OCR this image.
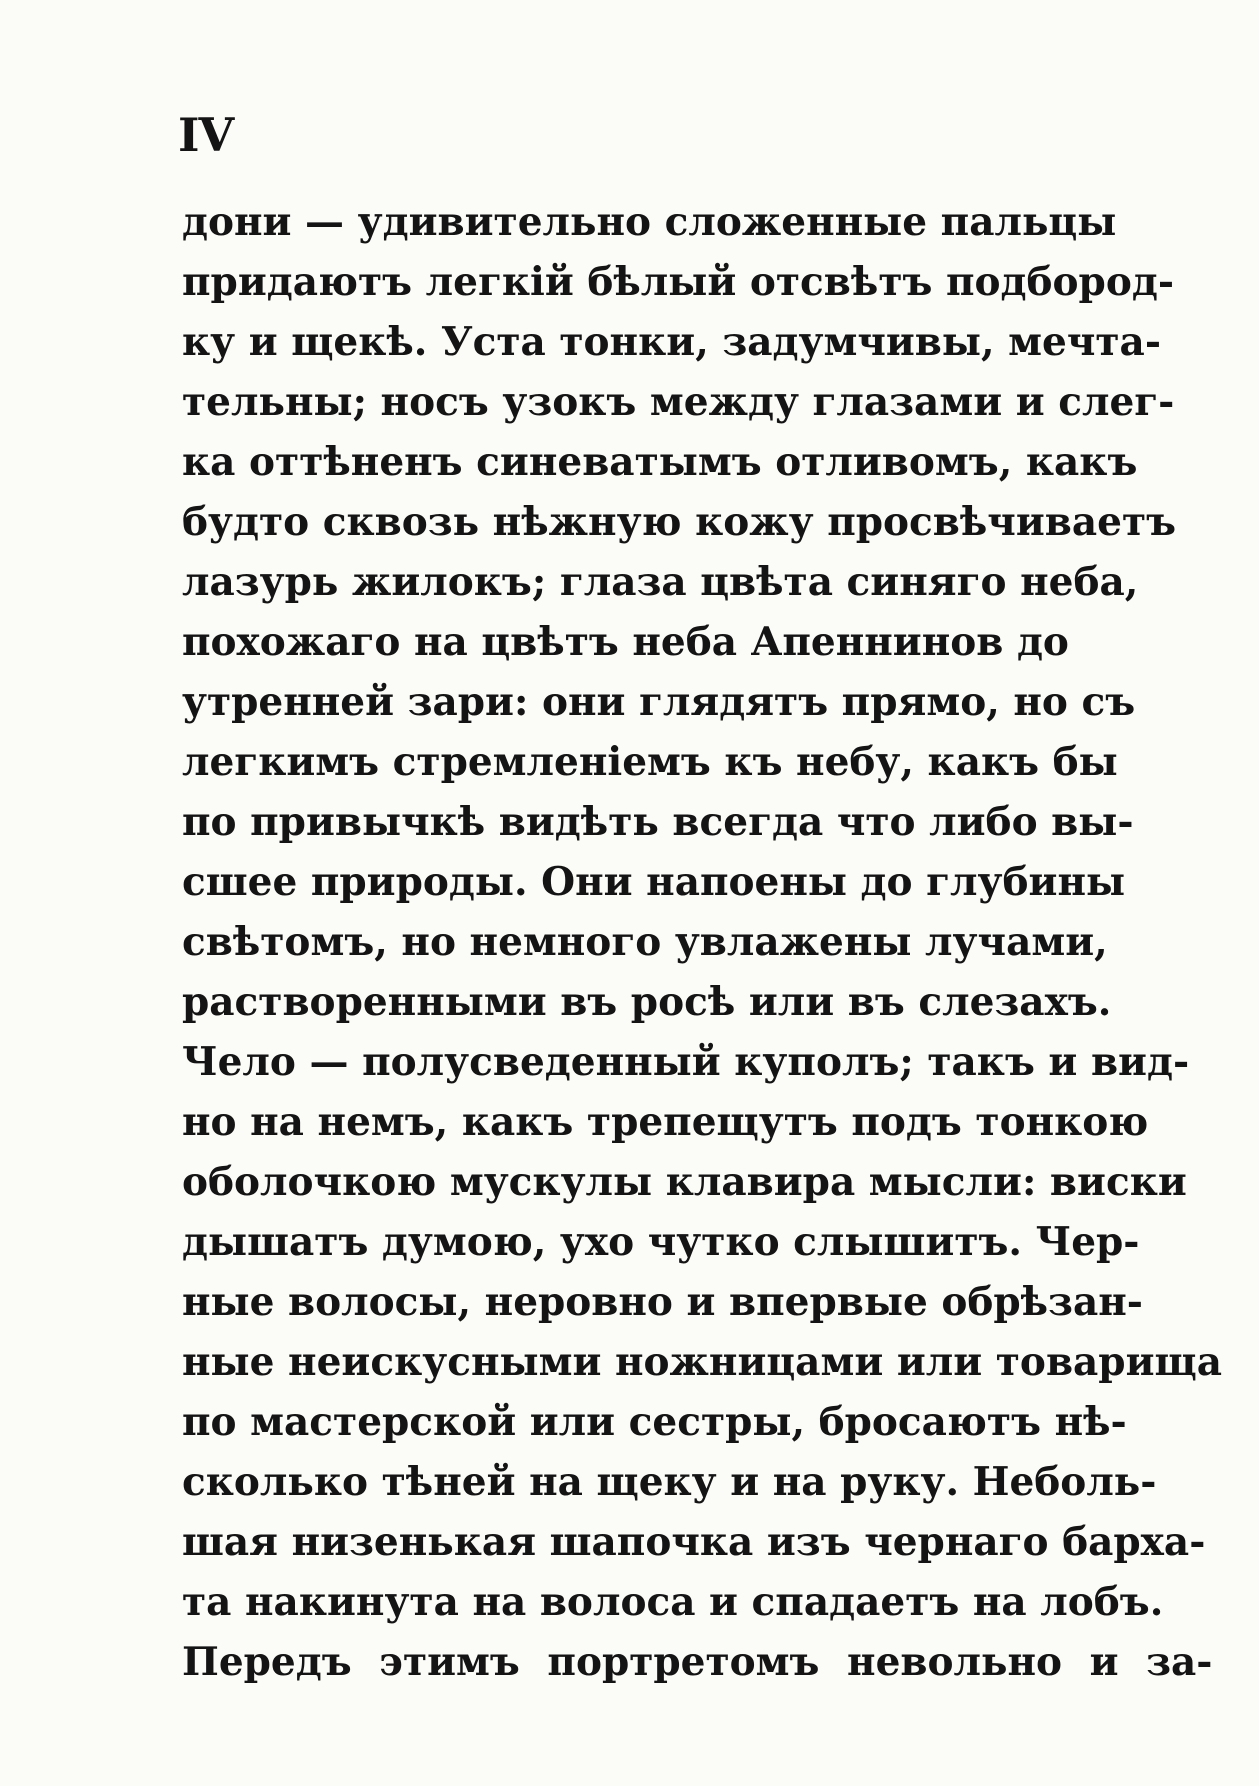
IV
дони — удивительно сложенные пальцы
придаютъ легкій бѣлый отсвѣтъ подбород-
ку и щекѣ. Уста тонки, задумчивы, мечта-
тельны; носъ узокъ между глазами и слег-
ка оттѣненъ синеватымъ отливомъ, какъ
будто сквозь нѣжную кожу просвѣчиваетъ
лазурь жилокъ; глаза цвѣта синяго неба,
похожаго на цвѣтъ неба Апеннинов до
утренней зари: они глядятъ прямо, но съ
легкимъ стремленіемъ къ небу, какъ бы
по привычкѣ видѣть всегда что либо вы-
сшее природы. Они напоены до глубины
свѣтомъ, но немного увлажены лучами,
растворенными въ росѣ или въ слезахъ.
Чело — полусведенный куполъ; такъ и вид-
но на немъ, какъ трепещутъ подъ тонкою
оболочкою мускулы клавира мысли: виски
дышатъ думою, ухо чутко слышитъ. Чер-
ные волосы, неровно и впервые обрѣзан-
ные неискусными ножницами или товарища
по мастерской или сестры, бросаютъ нѣ-
сколько тѣней на щеку и на руку. Неболь-
шая низенькая шапочка изъ чернаго барха-
та накинута на волоса и спадаетъ на лобъ.
Передъ этимъ портретомъ невольно и за-
